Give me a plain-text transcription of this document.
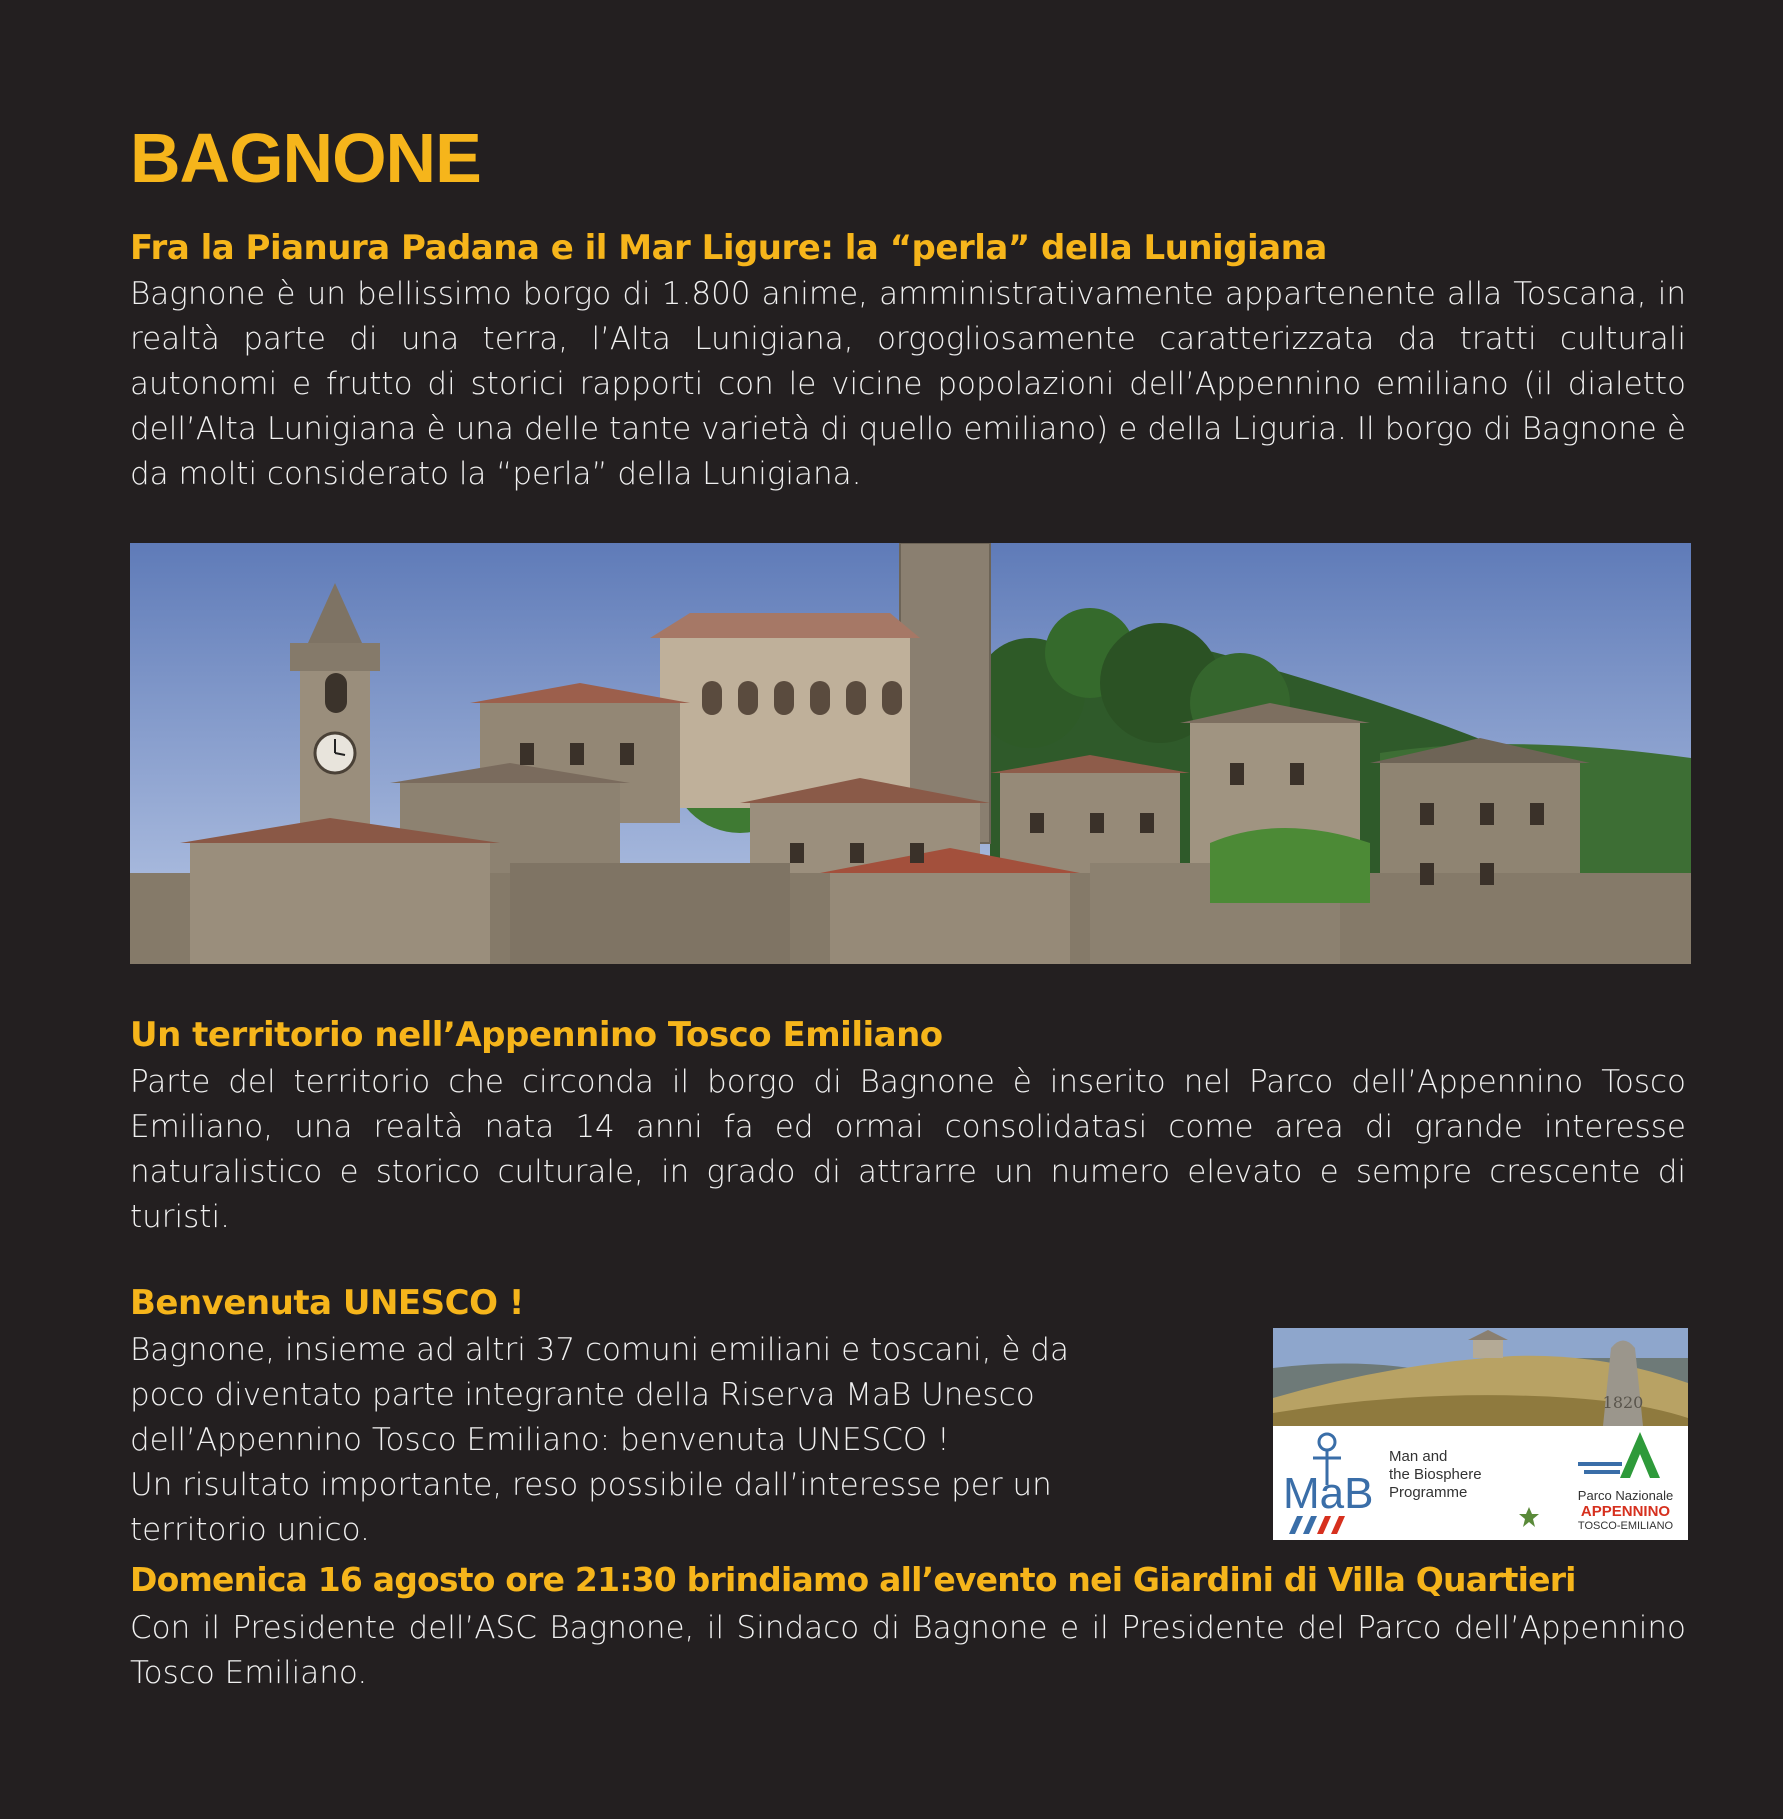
BAGNONE
Fra la Pianura Padana e il Mar Ligure: la “perla” della Lunigiana

Bagnone è un bellissimo borgo di 1.800 anime, amministrativamente appartenente alla Toscana, in realtà parte di una terra, l’Alta Lunigiana, orgogliosamente caratterizzata da tratti culturali autonomi e frutto di storici rapporti con le vicine popolazioni dell’Appennino emiliano (il dialetto dell’Alta Lunigiana è una delle tante varietà di quello emiliano) e della Liguria. Il borgo di Bagnone è da molti considerato la “perla” della Lunigiana.

Un territorio nell’Appennino Tosco Emiliano

Parte del territorio che circonda il borgo di Bagnone è inserito nel Parco dell’Appennino Tosco Emiliano, una realtà nata 14 anni fa ed ormai consolidatasi come area di grande interesse naturalistico e storico culturale, in grado di attrarre un numero elevato e sempre crescente di turisti.

Benvenuta UNESCO !

Bagnone, insieme ad altri 37 comuni emiliani e toscani, è da
poco diventato parte integrante della Riserva MaB Unesco
dell’Appennino Tosco Emiliano: benvenuta UNESCO !
Un risultato importante, reso possibile dall’interesse per un
territorio unico.

1820
MaB
Man and
the Biosphere
Programme	Parco Nazionale
APPENNINO
TOSCO-EMILIANO
Domenica 16 agosto ore 21:30 brindiamo all’evento nei Giardini di Villa Quartieri

Con il Presidente dell’ASC Bagnone, il Sindaco di Bagnone e il Presidente del Parco dell’Appennino Tosco Emiliano.
